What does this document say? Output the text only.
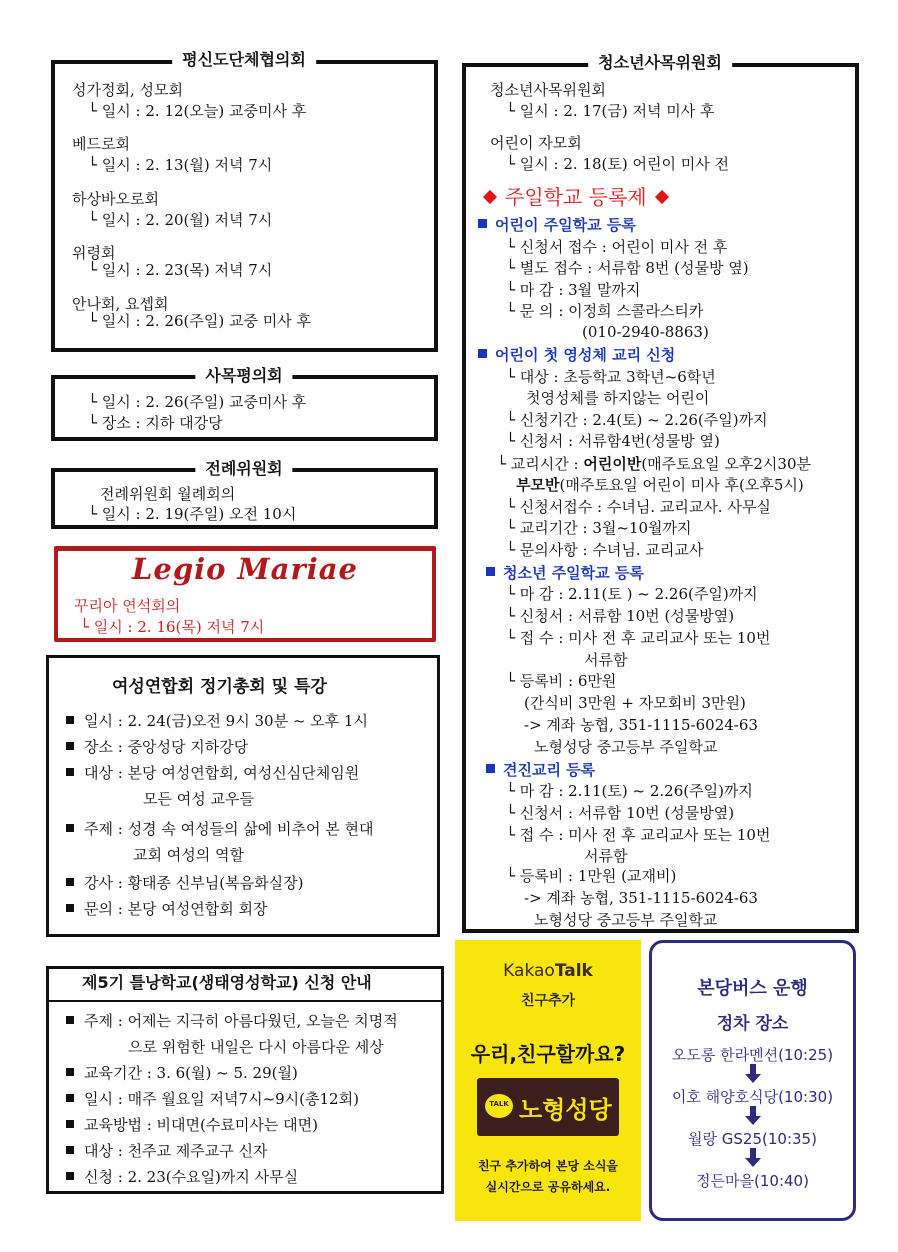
평신도단체협의회
성가정회, 성모회
└ 일시 : 2. 12(오늘) 교중미사 후
베드로회
└ 일시 : 2. 13(월) 저녁 7시
하상바오로회
└ 일시 : 2. 20(월) 저녁 7시
위령회
└ 일시 : 2. 23(목) 저녁 7시
안나회, 요셉회
└ 일시 : 2. 26(주일) 교중 미사 후
사목평의회
└ 일시 : 2. 26(주일) 교중미사 후
└ 장소 : 지하 대강당
전례위원회
전례위원회 월례회의
└ 일시 : 2. 19(주일) 오전 10시
Legio Mariae
꾸리아 연석회의
└ 일시 : 2. 16(목) 저녁 7시
여성연합회 정기총회 및 특강
일시 : 2. 24(금)오전 9시 30분 ~ 오후 1시
장소 : 중앙성당 지하강당
대상 : 본당 여성연합회, 여성신심단체임원
모든 여성 교우들
주제 : 성경 속 여성들의 삶에 비추어 본 현대
교회 여성의 역할
강사 : 황태종 신부님(복음화실장)
문의 : 본당 여성연합회 회장
제5기 틀낭학교(생태영성학교) 신청 안내
주제 : 어제는 지극히 아름다웠던, 오늘은 치명적
으로 위험한 내일은 다시 아름다운 세상
교육기간 : 3. 6(월) ~ 5. 29(월)
일시 : 매주 월요일 저녁7시~9시(총12회)
교육방법 : 비대면(수료미사는 대면)
대상 : 천주교 제주교구 신자
신청 : 2. 23(수요일)까지 사무실
청소년사목위원회
청소년사목위원회
└ 일시 : 2. 17(금) 저녁 미사 후
어린이 자모회
└ 일시 : 2. 18(토) 어린이 미사 전
주일학교 등록제
어린이 주일학교 등록
└ 신청서 접수 : 어린이 미사 전 후
└ 별도 접수 : 서류함 8번 (성물방 옆)
└ 마 감 : 3월 말까지
└ 문 의 : 이정희 스콜라스티카
(010-2940-8863)
어린이 첫 영성체 교리 신청
└ 대상 : 초등학교 3학년~6학년
첫영성체를 하지않는 어린이
└ 신청기간 : 2.4(토) ~ 2.26(주일)까지
└ 신청서 : 서류함4번(성물방 옆)
└ 교리시간 : 어린이반(매주토요일 오후2시30분
부모반(매주토요일 어린이 미사 후(오후5시)
└ 신청서접수 : 수녀님. 교리교사. 사무실
└ 교리기간 : 3월~10월까지
└ 문의사항 : 수녀님. 교리교사
청소년 주일학교 등록
└ 마 감 : 2.11(토 ) ~ 2.26(주일)까지
└ 신청서 : 서류함 10번 (성물방옆)
└ 접 수 : 미사 전 후 교리교사 또는 10번
서류함
└ 등록비 : 6만원
(간식비 3만원 + 자모회비 3만원)
-> 계좌 농협, 351-1115-6024-63
노형성당 중고등부 주일학교
견진교리 등록
└ 마 감 : 2.11(토) ~ 2.26(주일)까지
└ 신청서 : 서류함 10번 (성물방옆)
└ 접 수 : 미사 전 후 교리교사 또는 10번
서류함
└ 등록비 : 1만원 (교재비)
-> 계좌 농협, 351-1115-6024-63
노형성당 중고등부 주일학교
KakaoTalk
친구추가
우리,친구할까요?
TALK 노형성당
친구 추가하여 본당 소식을
실시간으로 공유하세요.
본당버스 운행
정차 장소
오도롱 한라멘션(10:25)
이호 해양호식당(10:30)
월랑 GS25(10:35)
정든마을(10:40)
